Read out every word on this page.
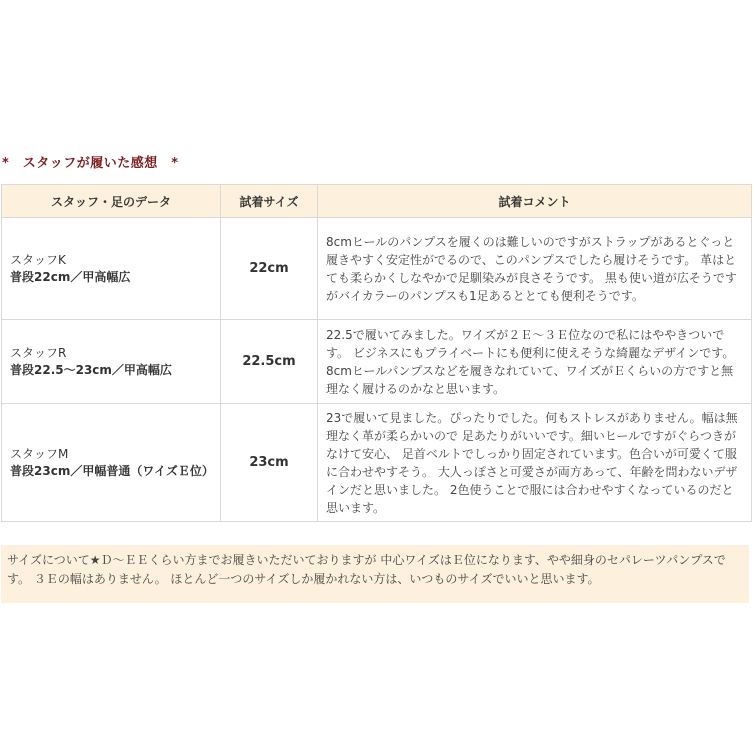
*　スタッフが履いた感想　*
スタッフ・足のデータ	試着サイズ	試着コメント

スタッフK
普段22cm／甲高幅広	22cm	8cmヒールのパンプスを履くのは難しいのですがストラップがあるとぐっと履きやすく安定性がでるので、このパンプスでしたら履けそうです。 革はとても柔らかくしなやかで足馴染みが良さそうです。 黒も使い道が広そうですがバイカラーのパンプスも1足あるととても便利そうです。

スタッフR
普段22.5～23cm／甲高幅広	22.5cm	22.5で履いてみました。ワイズが２Ｅ～３Ｅ位なので私にはややきついです。 ビジネスにもプライベートにも便利に使えそうな綺麗なデザインです。 8cmヒールパンプスなどを履きなれていて、ワイズがＥくらいの方ですと無理なく履けるのかなと思います。

スタッフM
普段23cm／甲幅普通（ワイズＥ位）	23cm	23で履いて見ました。ぴったりでした。何もストレスがありません。幅は無理なく革が柔らかいので 足あたりがいいです。細いヒールですがぐらつきがなけて安心、 足首ベルトでしっかり固定されています。色合いが可愛くて服に合わせやすそう。 大人っぽさと可愛さが両方あって、年齢を問わないデザインだと思いました。 2色使うことで服には合わせやすくなっているのだと思います。
サイズについて★Ｄ～ＥＥくらい方までお履きいただいておりますが 中心ワイズはＥ位になります、やや細身のセパレーツパンプスです。 ３Ｅの幅はありません。 ほとんど一つのサイズしか履かれない方は、いつものサイズでいいと思います。
